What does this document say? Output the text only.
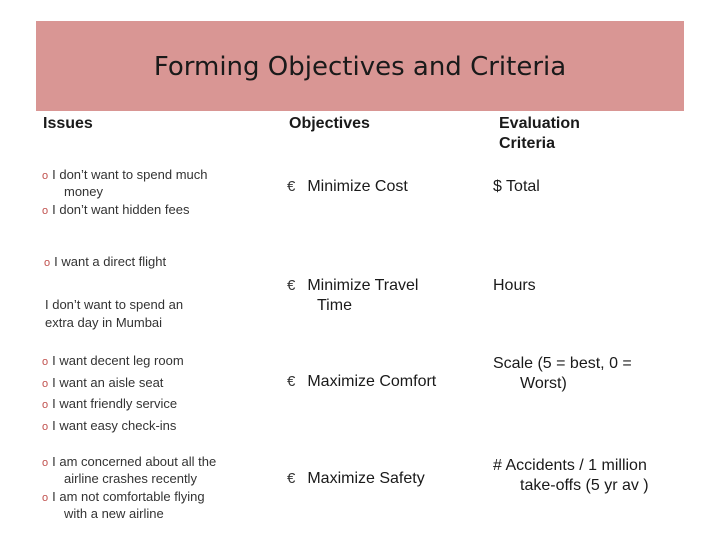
Forming Objectives and Criteria
Issues	Objectives	Evaluation
Criteria
o I don’t want to spend much
money
o I don’t want hidden fees
o I want a direct flight
I don’t want to spend an
extra day in Mumbai
o I want decent leg room
o I want an aisle seat
o I want friendly service
o I want easy check-ins
o I am concerned about all the
airline crashes recently
o I am not comfortable flying
with a new airline
€ Minimize Cost
€ Minimize Travel
Time
€ Maximize Comfort
€ Maximize Safety
$ Total
Hours
Scale (5 = best, 0 =
Worst)
# Accidents / 1 million
take-offs (5 yr av )
